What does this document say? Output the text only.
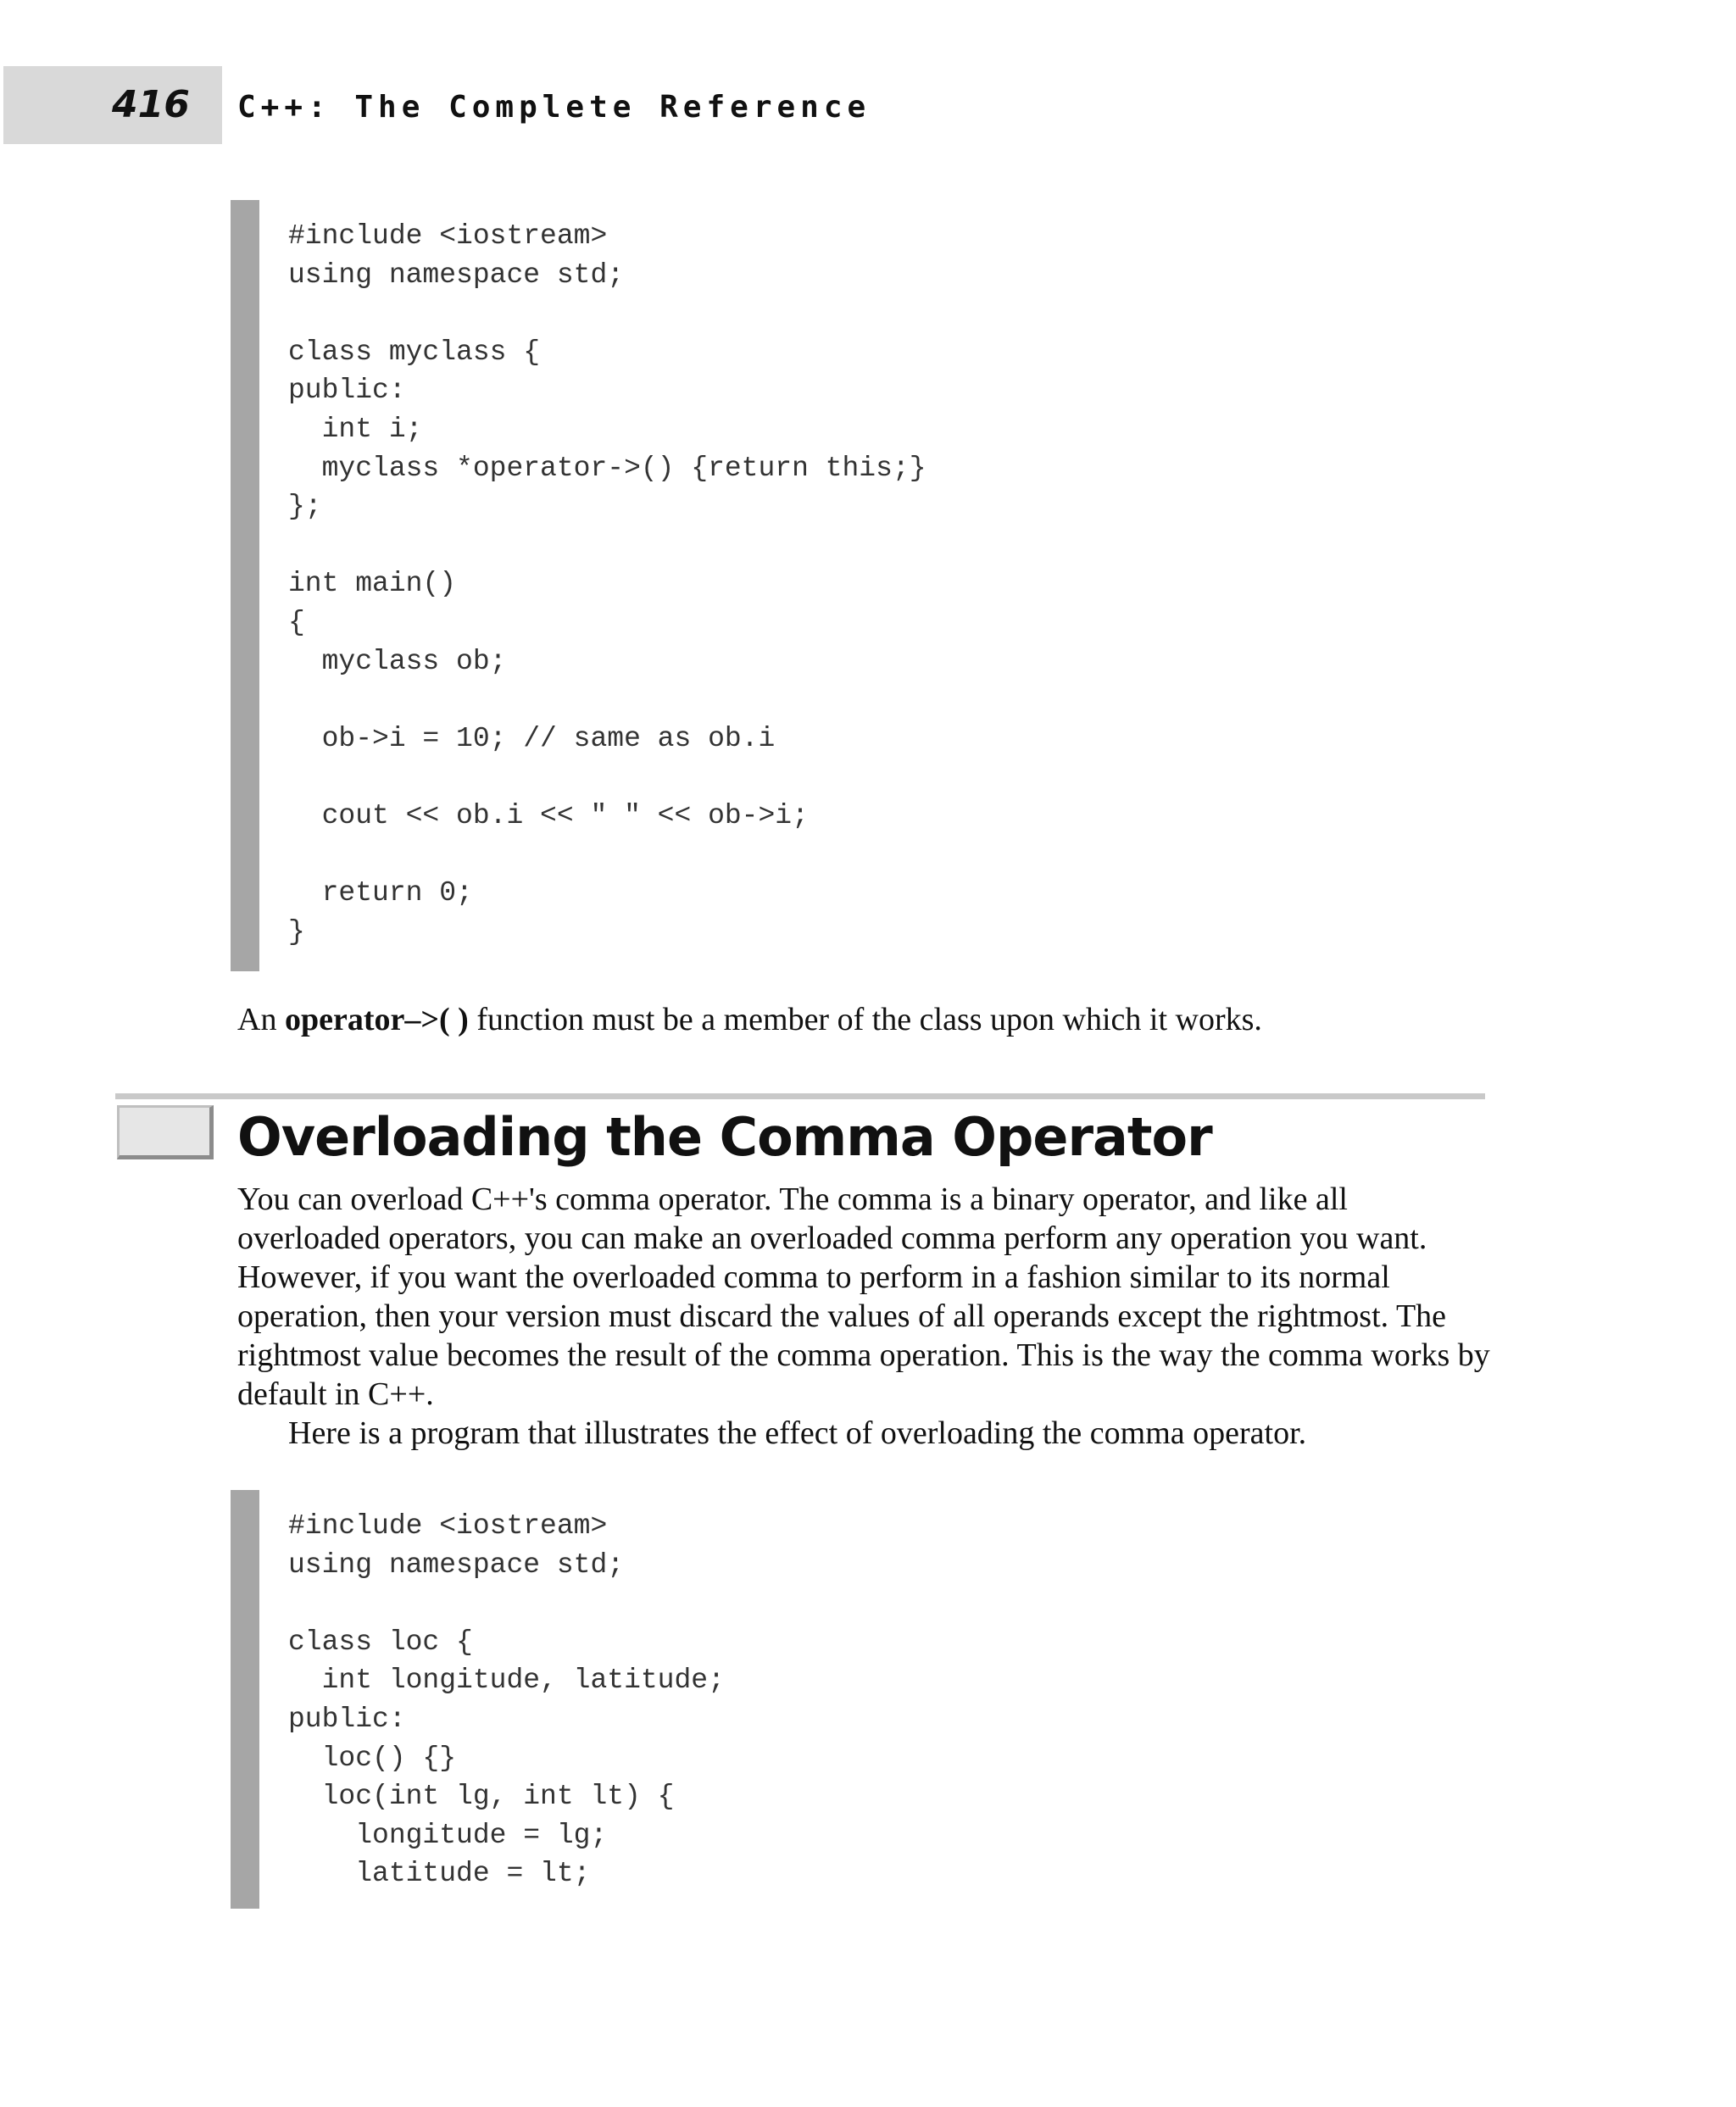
416 C++: The Complete Reference
#include <iostream>
using namespace std;

class myclass {
public:
int i;
myclass *operator->() {return this;}
};

int main()
{
myclass ob;

ob->i = 10; // same as ob.i

cout << ob.i << " " << ob->i;

return 0;
}

An operator–>( ) function must be a member of the class upon which it works.

Overloading the Comma Operator

You can overload C++'s comma operator. The comma is a binary operator, and like all overloaded operators, you can make an overloaded comma perform any operation you want. However, if you want the overloaded comma to perform in a fashion similar to its normal operation, then your version must discard the values of all operands except the rightmost. The rightmost value becomes the result of the comma operation. This is the way the comma works by default in C++.

Here is a program that illustrates the effect of overloading the comma operator.

#include <iostream>
using namespace std;

class loc {
int longitude, latitude;
public:
loc() {}
loc(int lg, int lt) {
longitude = lg;
latitude = lt;
